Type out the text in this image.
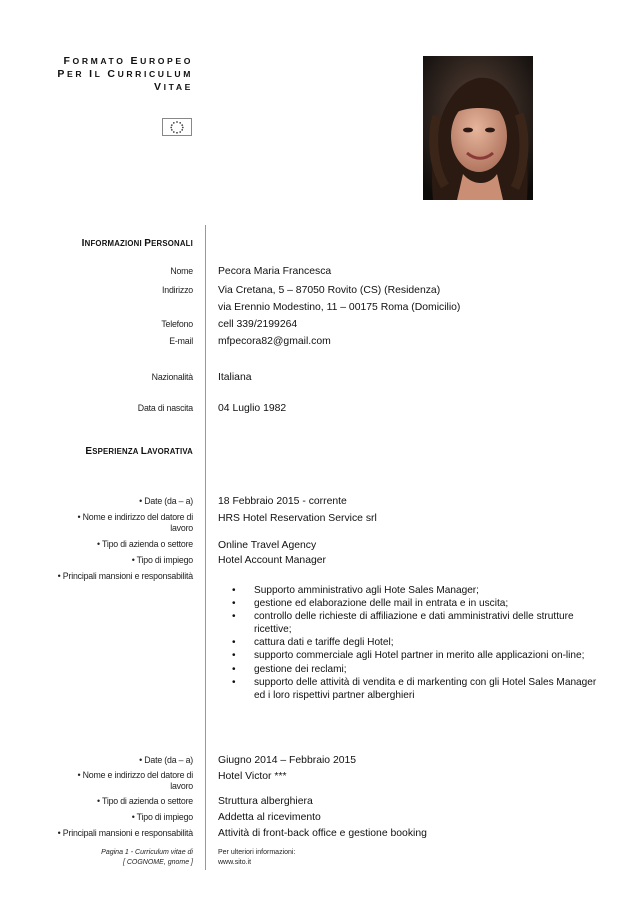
FORMATO EUROPEO
PER IL CURRICULUM
VITAE
INFORMAZIONI PERSONALI
Nome Pecora Maria Francesca
Indirizzo Via Cretana, 5 – 87050 Rovito (CS) (Residenza)
via Erennio Modestino, 11 – 00175 Roma (Domicilio)
Telefono cell 339/2199264
E-mail mfpecora82@gmail.com
Nazionalità Italiana
Data di nascita 04 Luglio 1982
ESPERIENZA LAVORATIVA
• Date (da – a) 18 Febbraio 2015 - corrente
• Nome e indirizzo del datore di
lavoro
HRS Hotel Reservation Service srl
• Tipo di azienda o settore Online Travel Agency
• Tipo di impiego Hotel Account Manager
• Principali mansioni e responsabilità
• Supporto amministrativo agli Hote Sales Manager;
• gestione ed elaborazione delle mail in entrata e in uscita;
• controllo delle richieste di affiliazione e dati amministrativi delle strutture ricettive;
• cattura dati e tariffe degli Hotel;
• supporto commerciale agli Hotel partner in merito alle applicazioni on-line;
• gestione dei reclami;
• supporto delle attività di vendita e di markenting con gli Hotel Sales Manager ed i loro rispettivi partner alberghieri
• Date (da – a) Giugno 2014 – Febbraio 2015
• Nome e indirizzo del datore di
lavoro
Hotel Victor ***
• Tipo di azienda o settore Struttura alberghiera
• Tipo di impiego Addetta al ricevimento
• Principali mansioni e responsabilità Attività di front-back office e gestione booking
Pagina 1 - Curriculum vitae di
[ COGNOME, gnome ]
Per ulteriori informazioni:
www.sito.it
